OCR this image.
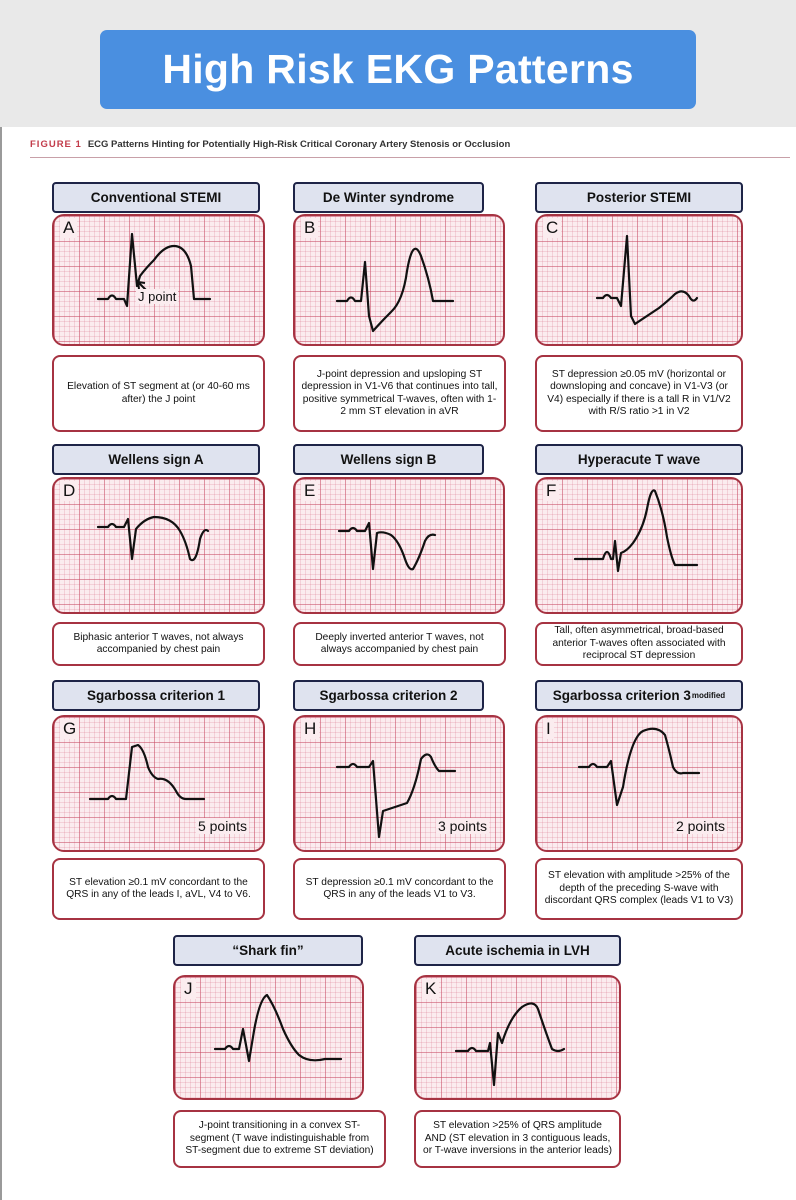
High Risk EKG Patterns
FIGURE 1 ECG Patterns Hinting for Potentially High-Risk Critical Coronary Artery Stenosis or Occlusion
Conventional STEMI
A
J point
Elevation of ST segment at (or 40-60 ms after) the J point
De Winter syndrome
B
J-point depression and upsloping ST depression in V1-V6 that continues into tall, positive symmetrical T-waves, often with 1-2 mm ST elevation in aVR
Posterior STEMI
C
ST depression ≥0.05 mV (horizontal or downsloping and concave) in V1-V3 (or V4) especially if there is a tall R in V1/V2 with R/S ratio >1 in V2
Wellens sign A
D
Biphasic anterior T waves, not always accompanied by chest pain
Wellens sign B
E
Deeply inverted anterior T waves, not always accompanied by chest pain
Hyperacute T wave
F
Tall, often asymmetrical, broad-based anterior T-waves often associated with reciprocal ST depression
Sgarbossa criterion 1
G
5 points
ST elevation ≥0.1 mV concordant to the QRS in any of the leads I, aVL, V4 to V6.
Sgarbossa criterion 2
H
3 points
ST depression ≥0.1 mV concordant to the QRS in any of the leads V1 to V3.
Sgarbossa criterion 3 modified
I
2 points
ST elevation with amplitude >25% of the depth of the preceding S-wave with discordant QRS complex (leads V1 to V3)
“Shark fin”
J
J-point transitioning in a convex ST-segment (T wave indistinguishable from ST-segment due to extreme ST deviation)
Acute ischemia in LVH
K
ST elevation >25% of QRS amplitude AND (ST elevation in 3 contiguous leads, or T-wave inversions in the anterior leads)
